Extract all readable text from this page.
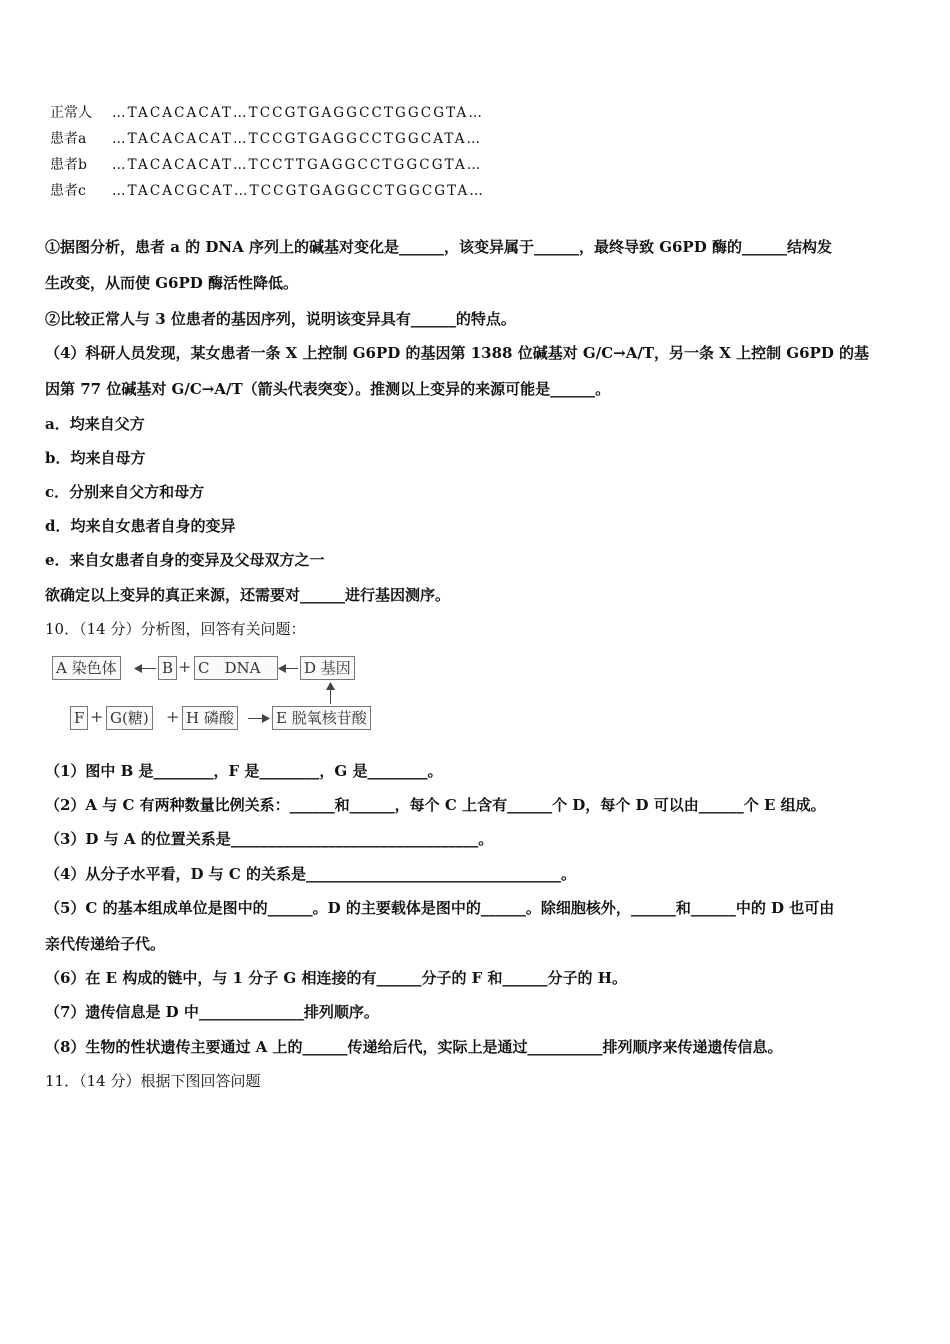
正常人 …TACACACAT…TCCGTGAGGCCTGGCGTA…
患者a …TACACACAT…TCCGTGAGGCCTGGCATA…
患者b …TACACACAT…TCCTTGAGGCCTGGCGTA…
患者c …TACACGCAT…TCCGTGAGGCCTGGCGTA…
①据图分析，患者 a 的 DNA 序列上的碱基对变化是______，该变异属于______，最终导致 G6PD 酶的______结构发
生改变，从而使 G6PD 酶活性降低。
②比较正常人与 3 位患者的基因序列，说明该变异具有______的特点。
（4）科研人员发现，某女患者一条 X 上控制 G6PD 的基因第 1388 位碱基对 G/C→A/T，另一条 X 上控制 G6PD 的基
因第 77 位碱基对 G/C→A/T（箭头代表突变）。推测以上变异的来源可能是______。
a．均来自父方
b．均来自母方
c．分别来自父方和母方
d．均来自女患者自身的变异
e．来自女患者自身的变异及父母双方之一
欲确定以上变异的真正来源，还需要对______进行基因测序。
10．（14 分）分析图，回答有关问题：
A 染色体	B + C　DNA	D 基因
F + G(糖) + H 磷酸	E 脱氧核苷酸
（1）图中 B 是________，F 是________，G 是________。
（2）A 与 C 有两种数量比例关系：______和______，每个 C 上含有______个 D，每个 D 可以由______个 E 组成。
（3）D 与 A 的位置关系是_________________________________。
（4）从分子水平看，D 与 C 的关系是__________________________________。
（5）C 的基本组成单位是图中的______。D 的主要载体是图中的______。除细胞核外，______和______中的 D 也可由
亲代传递给子代。
（6）在 E 构成的链中，与 1 分子 G 相连接的有______分子的 F 和______分子的 H。
（7）遗传信息是 D 中______________排列顺序。
（8）生物的性状遗传主要通过 A 上的______传递给后代，实际上是通过__________排列顺序来传递遗传信息。
11．（14 分）根据下图回答问题
